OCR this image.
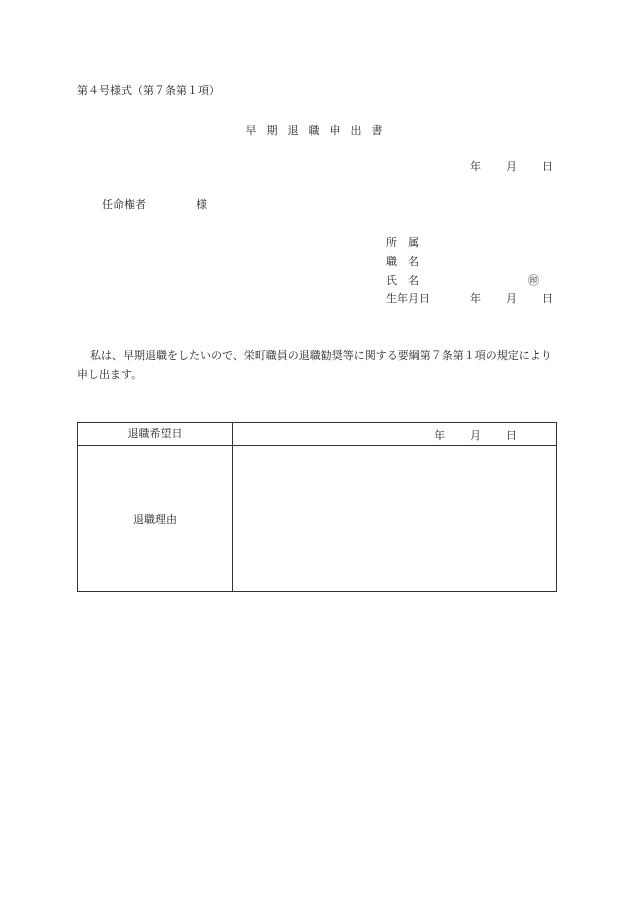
第４号様式（第７条第１項）
早期退職申出書
年 月 日
任命権者	様
所　属
職　名
氏　名	㊞
生年月日	年 月 日
私は、早期退職をしたいので、栄町職員の退職勧奨等に関する要綱第７条第１項の規定により申し出ます。
退職希望日	年 月 日
退職理由
